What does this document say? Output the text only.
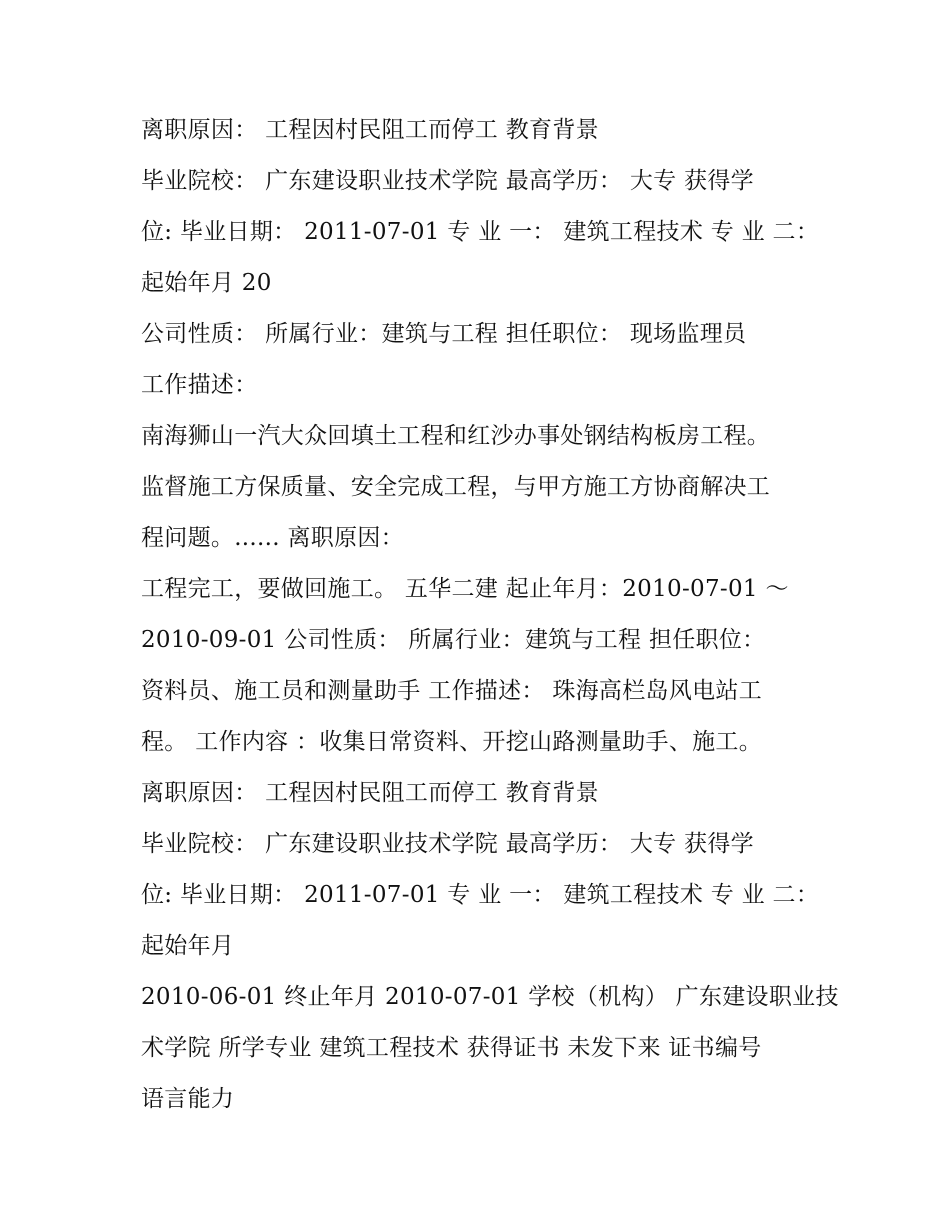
离职原因： 工程因村民阻工而停工 教育背景
毕业院校： 广东建设职业技术学院 最高学历： 大专 获得学
位: 毕业日期： 2011-07-01 专 业 一： 建筑工程技术 专 业 二：
起始年月 20
公司性质： 所属行业：建筑与工程 担任职位： 现场监理员
工作描述：
南海狮山一汽大众回填土工程和红沙办事处钢结构板房工程。
监督施工方保质量、安全完成工程，与甲方施工方协商解决工
程问题。...... 离职原因：
工程完工，要做回施工。 五华二建 起止年月：2010-07-01 ～
2010-09-01 公司性质： 所属行业：建筑与工程 担任职位：
资料员、施工员和测量助手 工作描述： 珠海高栏岛风电站工
程。 工作内容 ：收集日常资料、开挖山路测量助手、施工。
离职原因： 工程因村民阻工而停工 教育背景
毕业院校： 广东建设职业技术学院 最高学历： 大专 获得学
位: 毕业日期： 2011-07-01 专 业 一： 建筑工程技术 专 业 二：
起始年月
2010-06-01 终止年月 2010-07-01 学校（机构） 广东建设职业技
术学院 所学专业 建筑工程技术 获得证书 未发下来 证书编号
语言能力
